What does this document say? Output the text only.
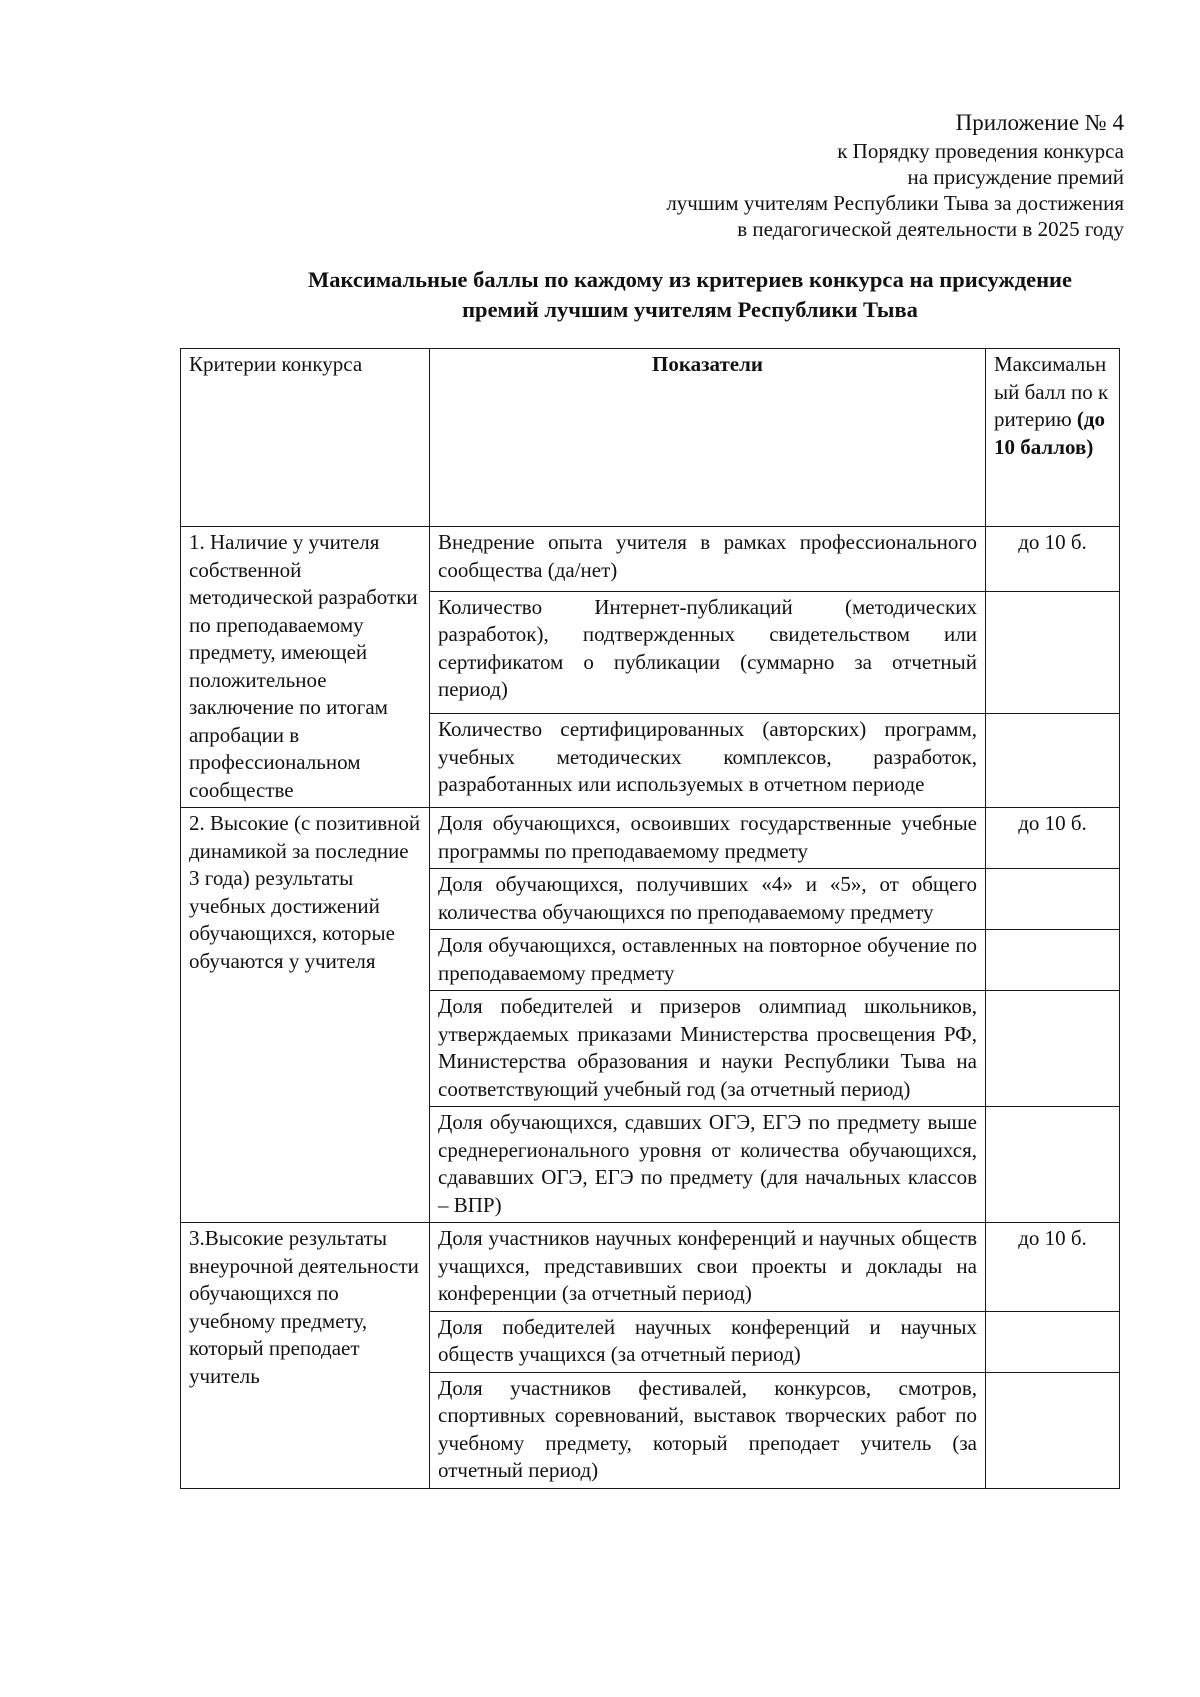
Приложение № 4
к Порядку проведения конкурса
на присуждение премий
лучшим учителям Республики Тыва за достижения
в педагогической деятельности в 2025 году
Максимальные баллы по каждому из критериев конкурса на присуждение
премий лучшим учителям Республики Тыва
Критерии конкурса	Показатели	Максимальный балл по критерию (до 10 баллов)
1. Наличие у учителя собственной методической разработки по преподаваемому предмету, имеющей положительное заключение по итогам апробации в профессиональном сообществе	Внедрение опыта учителя в рамках профессионального сообщества (да/нет)	до 10 б.
	Количество Интернет-публикаций (методических разработок), подтвержденных свидетельством или сертификатом о публикации (суммарно за отчетный период)	
	Количество сертифицированных (авторских) программ, учебных методических комплексов, разработок, разработанных или используемых в отчетном периоде	
2. Высокие (с позитивной динамикой за последние 3 года) результаты учебных достижений обучающихся, которые обучаются у учителя	Доля обучающихся, освоивших государственные учебные программы по преподаваемому предмету	до 10 б.
	Доля обучающихся, получивших «4» и «5», от общего количества обучающихся по преподаваемому предмету	
	Доля обучающихся, оставленных на повторное обучение по преподаваемому предмету	
	Доля победителей и призеров олимпиад школьников, утверждаемых приказами Министерства просвещения РФ, Министерства образования и науки Республики Тыва на соответствующий учебный год (за отчетный период)	
	Доля обучающихся, сдавших ОГЭ, ЕГЭ по предмету выше среднерегионального уровня от количества обучающихся, сдававших ОГЭ, ЕГЭ по предмету (для начальных классов – ВПР)	
3.Высокие результаты внеурочной деятельности обучающихся по учебному предмету, который преподает учитель	Доля участников научных конференций и научных обществ учащихся, представивших свои проекты и доклады на конференции (за отчетный период)	до 10 б.
	Доля победителей научных конференций и научных обществ учащихся (за отчетный период)	
	Доля участников фестивалей, конкурсов, смотров, спортивных соревнований, выставок творческих работ по учебному предмету, который преподает учитель (за отчетный период)	
